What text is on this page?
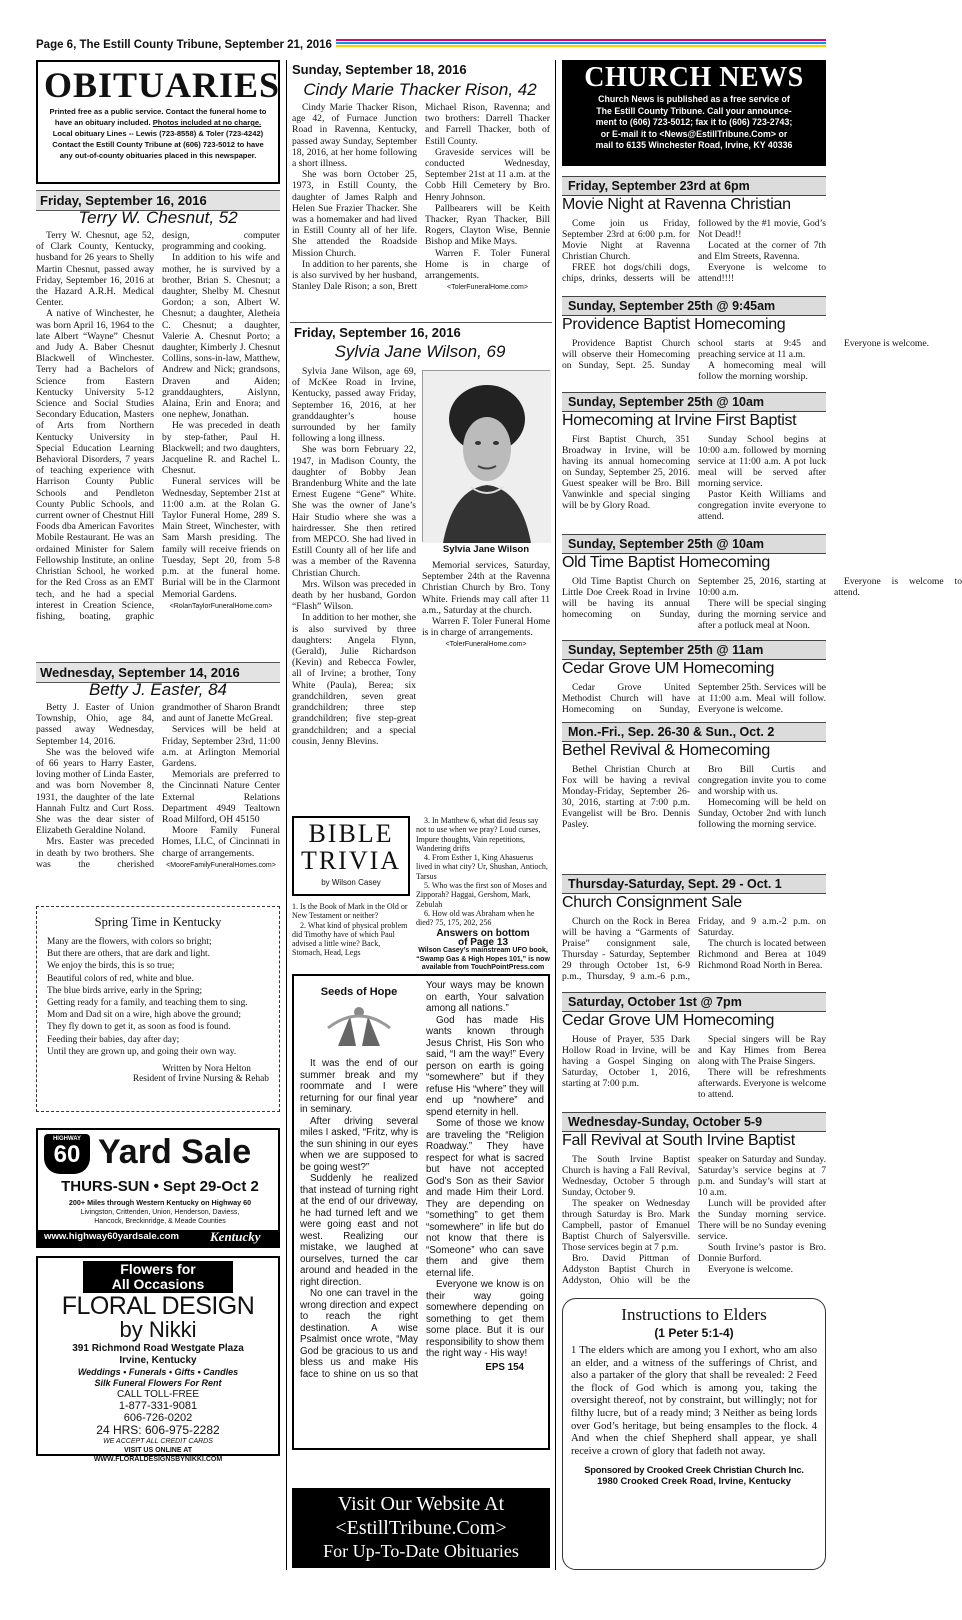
Page 6, The Estill County Tribune, September 21, 2016
OBITUARIES
Printed free as a public service. Contact the funeral home to
have an obituary included. Photos included at no charge.
Local obituary Lines -- Lewis (723-8558) & Toler (723-4242)
Contact the Estill County Tribune at (606) 723-5012 to have
any out-of-county obituaries placed in this newspaper.
Friday, September 16, 2016
Terry W. Chesnut, 52

Terry W. Chesnut, age 52, of Clark County, Kentucky, husband for 26 years to Shelly Martin Chesnut, passed away Friday, September 16, 2016 at the Hazard A.R.H. Medical Center.

A native of Winchester, he was born April 16, 1964 to the late Albert “Wayne” Chesnut and Judy A. Baber Chesnut Blackwell of Winchester. Terry had a Bachelors of Science from Eastern Kentucky University 5-12 Science and Social Studies Secondary Education, Masters of Arts from Northern Kentucky University in Special Education Learning Behavioral Disorders, 7 years of teaching experience with Harrison County Public Schools and Pendleton County Public Schools, and current owner of Chestnut Hill Foods dba American Favorites Mobile Restaurant. He was an ordained Minister for Salem Fellowship Institute, an online Christian School, he worked for the Red Cross as an EMT tech, and he had a special interest in Creation Science, fishing, boating, graphic design, computer programming and cooking.

In addition to his wife and mother, he is survived by a brother, Brian S. Chesnut; a daughter, Shelby M. Chesnut Gordon; a son, Albert W. Chesnut; a daughter, Aletheia C. Chesnut; a daughter, Valerie A. Chesnut Porto; a daughter, Kimberly J. Chesnut Collins, sons-in-law, Matthew, Andrew and Nick; grandsons, Draven and Aiden; granddaughters, Aislynn, Alaina, Erin and Enora; and one nephew, Jonathan.

He was preceded in death by step-father, Paul H. Blackwell; and two daughters, Jacqueline R. and Rachel L. Chesnut.

Funeral services will be Wednesday, September 21st at 11:00 a.m. at the Rolan G. Taylor Funeral Home, 289 S. Main Street, Winchester, with Sam Marsh presiding. The family will receive friends on Tuesday, Sept 20, from 5-8 p.m. at the funeral home. Burial will be in the Clarmont Memorial Gardens.

<RolanTaylorFuneralHome.com>
Wednesday, September 14, 2016
Betty J. Easter, 84

Betty J. Easter of Union Township, Ohio, age 84, passed away Wednesday, September 14, 2016.

She was the beloved wife of 66 years to Harry Easter, loving mother of Linda Easter, and was born November 8, 1931, the daughter of the late Hannah Fultz and Curt Ross. She was the dear sister of Elizabeth Geraldine Noland.

Mrs. Easter was preceded in death by two brothers. She was the cherished grandmother of Sharon Brandt and aunt of Janette McGreal.

Services will be held at Friday, September 23rd, 11:00 a.m. at Arlington Memorial Gardens.

Memorials are preferred to the Cincinnati Nature Center External Relations Department 4949 Tealtown Road Milford, OH 45150

Moore Family Funeral Homes, LLC, of Cincinnati in charge of arrangements.

<MooreFamilyFuneralHomes.com>
Spring Time in Kentucky
Many are the flowers, with colors so bright;
But there are others, that are dark and light.
We enjoy the birds, this is so true;
Beautiful colors of red, white and blue.
The blue birds arrive, early in the Spring;
Getting ready for a family, and teaching them to sing.
Mom and Dad sit on a wire, high above the ground;
They fly down to get it, as soon as food is found.
Feeding their babies, day after day;
Until they are grown up, and going their own way.
Written by Nora Helton
Resident of Irvine Nursing & Rehab
HIGHWAY
60 Yard Sale
THURS-SUN • Sept 29-Oct 2
200+ Miles through Western Kentucky on Highway 60
Livingston, Crittenden, Union, Henderson, Daviess,
Hancock, Breckinridge, & Meade Counties
www.highway60yardsale.com Kentucky
Flowers for
All Occasions
FLORAL DESIGN
by Nikki
391 Richmond Road Westgate Plaza
Irvine, Kentucky
Weddings • Funerals • Gifts • Candles
Silk Funeral Flowers For Rent
CALL TOLL-FREE
1-877-331-9081
606-726-0202
24 HRS: 606-975-2282
WE ACCEPT ALL CREDIT CARDS
VISIT US ONLINE AT
WWW.FLORALDESIGNSBYNIKKI.COM
Sunday, September 18, 2016
Cindy Marie Thacker Rison, 42

Cindy Marie Thacker Rison, age 42, of Furnace Junction Road in Ravenna, Kentucky, passed away Sunday, September 18, 2016, at her home following a short illness.

She was born October 25, 1973, in Estill County, the daughter of James Ralph and Helen Sue Frazier Thacker. She was a homemaker and had lived in Estill County all of her life. She attended the Roadside Mission Church.

In addition to her parents, she is also survived by her husband, Stanley Dale Rison; a son, Brett Michael Rison, Ravenna; and two brothers: Darrell Thacker and Farrell Thacker, both of Estill County.

Graveside services will be conducted Wednesday, September 21st at 11 a.m. at the Cobb Hill Cemetery by Bro. Henry Johnson.

Pallbearers will be Keith Thacker, Ryan Thacker, Bill Rogers, Clayton Wise, Bennie Bishop and Mike Mays.

Warren F. Toler Funeral Home is in charge of arrangements.

<TolerFuneralHome.com>
Friday, September 16, 2016
Sylvia Jane Wilson, 69

Sylvia Jane Wilson, age 69, of McKee Road in Irvine, Kentucky, passed away Friday, September 16, 2016, at her granddaughter’s house surrounded by her family following a long illness.

She was born February 22, 1947, in Madison County, the daughter of Bobby Jean Brandenburg White and the late Ernest Eugene “Gene” White. She was the owner of Jane’s Hair Studio where she was a hairdresser. She then retired from MEPCO. She had lived in Estill County all of her life and was a member of the Ravenna Christian Church.

Mrs. Wilson was preceded in death by her husband, Gordon “Flash” Wilson.

In addition to her mother, she is also survived by three daughters: Angela Flynn, (Gerald), Julie Richardson (Kevin) and Rebecca Fowler, all of Irvine; a brother, Tony White (Paula), Berea; six grandchildren, seven great grandchildren; three step grandchildren; five step-great grandchildren; and a special cousin, Jenny Blevins.

Sylvia Jane Wilson

Memorial services, Saturday, September 24th at the Ravenna Christian Church by Bro. Tony White. Friends may call after 11 a.m., Saturday at the church.

Warren F. Toler Funeral Home is in charge of arrangements.

<TolerFuneralHome.com>
BIBLE
TRIVIA
by Wilson Casey
1. Is the Book of Mark in the Old or New Testament or neither?
2. What kind of physical problem did Timothy have of which Paul advised a little wine? Back, Stomach, Head, Legs
3. In Matthew 6, what did Jesus say not to use when we pray? Loud curses, Impure thoughts, Vain repetitions, Wandering drifts
4. From Esther 1, King Ahasuerus lived in what city? Ur, Shushan, Antioch, Tarsus
5. Who was the first son of Moses and Zipporah? Haggai, Gershom, Mark, Zebulah
6. How old was Abraham when he died? 75, 175, 202, 256
Answers on bottom
of Page 13
Wilson Casey’s mainstream UFO book, “Swamp Gas & High Hopes 101,” is now available from TouchPointPress.com
Seeds of Hope

It was the end of our summer break and my roommate and I were returning for our final year in seminary.

After driving several miles I asked, “Fritz, why is the sun shining in our eyes when we are supposed to be going west?”

Suddenly he realized that instead of turning right at the end of our driveway, he had turned left and we were going east and not west. Realizing our mistake, we laughed at ourselves, turned the car around and headed in the right direction.

No one can travel in the wrong direction and expect to reach the right destination. A wise Psalmist once wrote, “May God be gracious to us and bless us and make His face to shine on us so that Your ways may be known on earth, Your salvation among all nations.”

God has made His wants known through Jesus Christ, His Son who said, “I am the way!” Every person on earth is going “somewhere” but if they refuse His “where” they will end up “nowhere” and spend eternity in hell.

Some of those we know are traveling the “Religion Roadway.” They have respect for what is sacred but have not accepted God’s Son as their Savior and made Him their Lord. They are depending on “something” to get them “somewhere” in life but do not know that there is “Someone” who can save them and give them eternal life.

Everyone we know is on their way going somewhere depending on something to get them some place. But it is our responsibility to show them the right way - His way!

EPS 154
Visit Our Website At
<EstillTribune.Com>
For Up-To-Date Obituaries
CHURCH NEWS
Church News is published as a free service of
The Estill County Tribune. Call your announce-
ment to (606) 723-5012; fax it to (606) 723-2743;
or E-mail it to <News@EstillTribune.Com> or
mail to 6135 Winchester Road, Irvine, KY 40336
Friday, September 23rd at 6pm
Movie Night at Ravenna Christian

Come join us Friday, September 23rd at 6:00 p.m. for Movie Night at Ravenna Christian Church.

FREE hot dogs/chili dogs, chips, drinks, desserts will be followed by the #1 movie, God’s Not Dead!!

Located at the corner of 7th and Elm Streets, Ravenna.

Everyone is welcome to attend!!!!

Sunday, September 25th @ 9:45am
Providence Baptist Homecoming

Providence Baptist Church will observe their Homecoming on Sunday, Sept. 25. Sunday school starts at 9:45 and preaching service at 11 a.m.

A homecoming meal will follow the morning worship.

Everyone is welcome.

Sunday, September 25th @ 10am
Homecoming at Irvine First Baptist

First Baptist Church, 351 Broadway in Irvine, will be having its annual homecoming on Sunday, September 25, 2016. Guest speaker will be Bro. Bill Vanwinkle and special singing will be by Glory Road.

Sunday School begins at 10:00 a.m. followed by morning service at 11:00 a.m. A pot luck meal will be served after morning service.

Pastor Keith Williams and congregation invite everyone to attend.

Sunday, September 25th @ 10am
Old Time Baptist Homecoming

Old Time Baptist Church on Little Doe Creek Road in Irvine will be having its annual homecoming on Sunday, September 25, 2016, starting at 10:00 a.m.

There will be special singing during the morning service and after a potluck meal at Noon.

Everyone is welcome to attend.

Sunday, September 25th @ 11am
Cedar Grove UM Homecoming

Cedar Grove United Methodist Church will have Homecoming on Sunday, September 25th. Services will be at 11:00 a.m. Meal will follow. Everyone is welcome.

Mon.-Fri., Sep. 26-30 & Sun., Oct. 2
Bethel Revival & Homecoming

Bethel Christian Church at Fox will be having a revival Monday-Friday, September 26-30, 2016, starting at 7:00 p.m. Evangelist will be Bro. Dennis Pasley.

Bro Bill Curtis and congregation invite you to come and worship with us.

Homecoming will be held on Sunday, October 2nd with lunch following the morning service.

Thursday-Saturday, Sept. 29 - Oct. 1
Church Consignment Sale

Church on the Rock in Berea will be having a “Garments of Praise” consignment sale, Thursday - Saturday, September 29 through October 1st, 6-9 p.m., Thursday, 9 a.m.-6 p.m., Friday, and 9 a.m.-2 p.m. on Saturday.

The church is located between Richmond and Berea at 1049 Richmond Road North in Berea.

Saturday, October 1st @ 7pm
Cedar Grove UM Homecoming

House of Prayer, 535 Dark Hollow Road in Irvine, will be having a Gospel Singing on Saturday, October 1, 2016, starting at 7:00 p.m.

Special singers will be Ray and Kay Himes from Berea along with The Praise Singers.

There will be refreshments afterwards. Everyone is welcome to attend.

Wednesday-Sunday, October 5-9
Fall Revival at South Irvine Baptist

The South Irvine Baptist Church is having a Fall Revival, Wednesday, October 5 through Sunday, October 9.

The speaker on Wednesday through Saturday is Bro. Mark Campbell, pastor of Emanuel Baptist Church of Salyersville. Those services begin at 7 p.m.

Bro. David Pittman of Addyston Baptist Church in Addyston, Ohio will be the speaker on Saturday and Sunday. Saturday’s service begins at 7 p.m. and Sunday’s will start at 10 a.m.

Lunch will be provided after the Sunday morning service. There will be no Sunday evening service.

South Irvine’s pastor is Bro. Donnie Burford.

Everyone is welcome.

Instructions to Elders
(1 Peter 5:1-4)
1 The elders which are among you I exhort, who am also an elder, and a witness of the sufferings of Christ, and also a partaker of the glory that shall be revealed: 2 Feed the flock of God which is among you, taking the oversight thereof, not by constraint, but willingly; not for filthy lucre, but of a ready mind; 3 Neither as being lords over God’s heritage, but being ensamples to the flock. 4 And when the chief Shepherd shall appear, ye shall receive a crown of glory that fadeth not away.
Sponsored by Crooked Creek Christian Church Inc.
1980 Crooked Creek Road, Irvine, Kentucky
